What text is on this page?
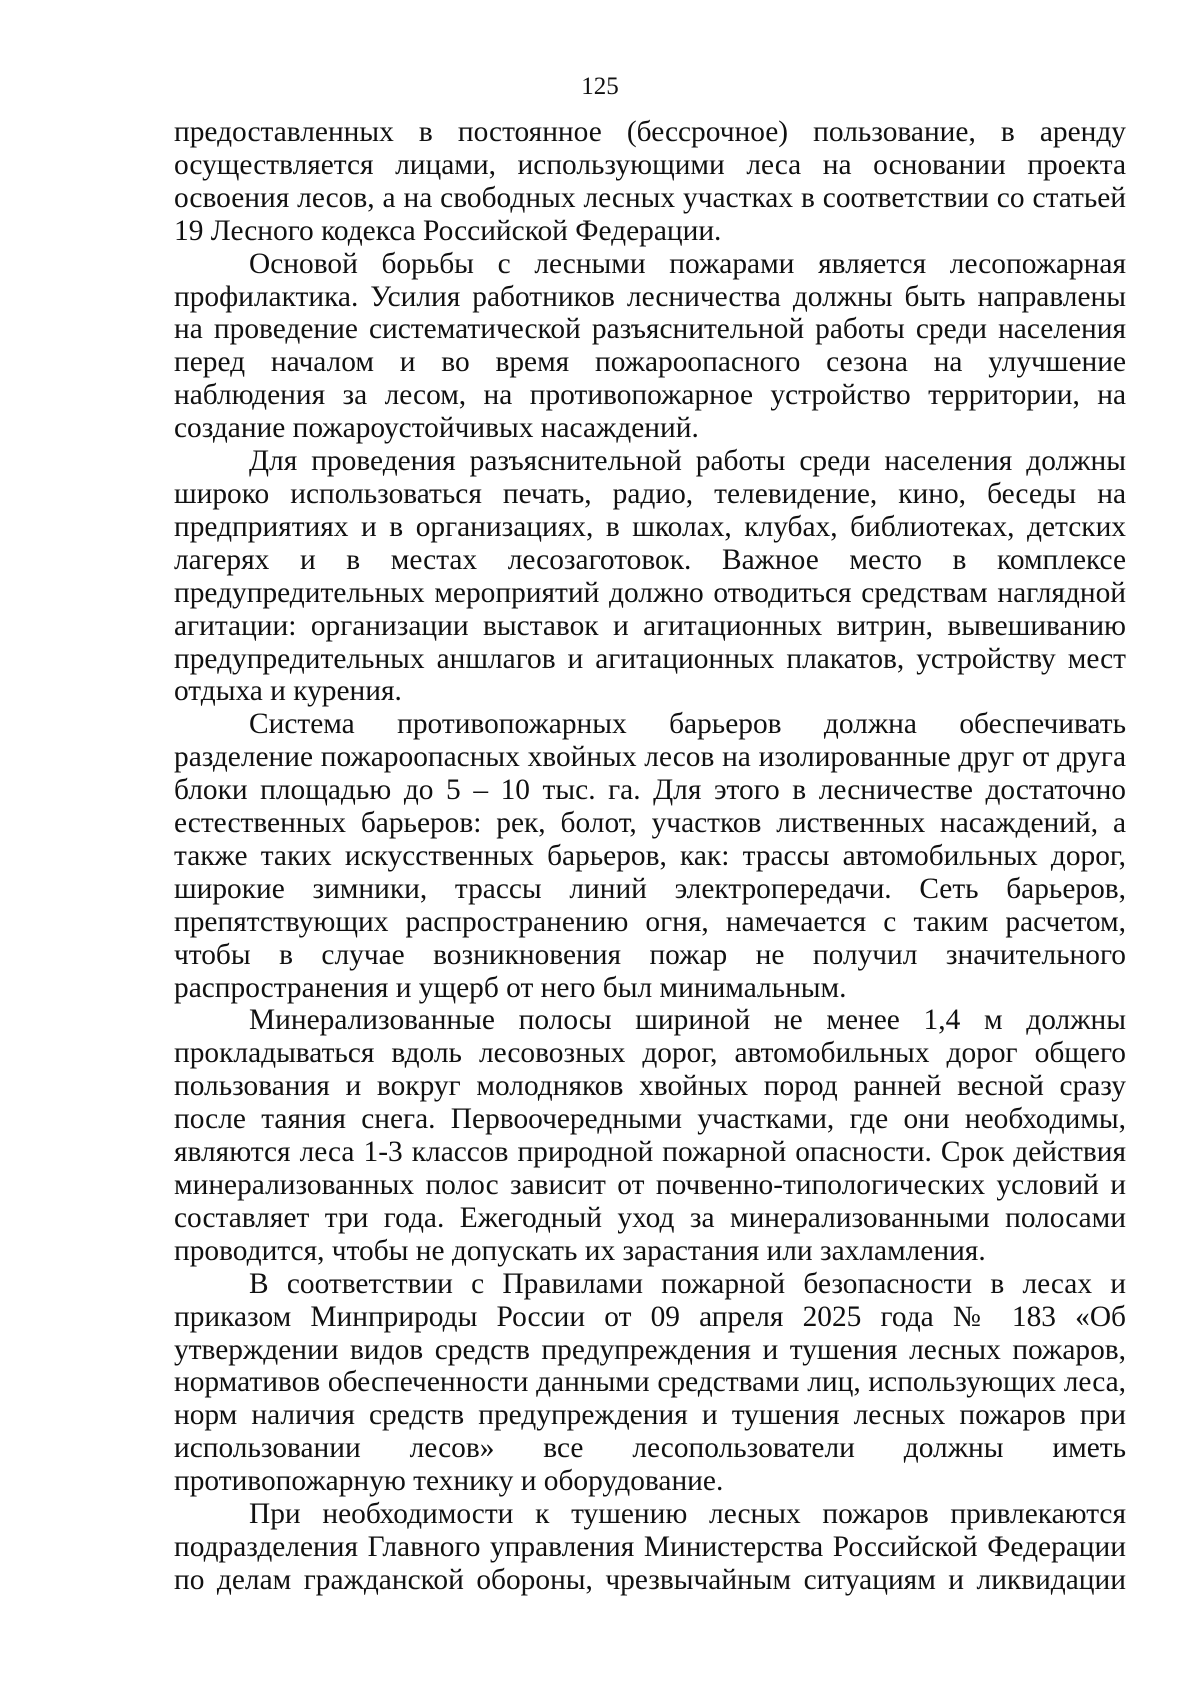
125

предоставленных в постоянное (бессрочное) пользование, в аренду осуществляется лицами, использующими леса на основании проекта освоения лесов, а на свободных лесных участках в соответствии со статьей 19 Лесного кодекса Российской Федерации.

Основой борьбы с лесными пожарами является лесопожарная профилактика. Усилия работников лесничества должны быть направлены на проведение систематической разъяснительной работы среди населения перед началом и во время пожароопасного сезона на улучшение наблюдения за лесом, на противопожарное устройство территории, на создание пожароустойчивых насаждений.

Для проведения разъяснительной работы среди населения должны широко использоваться печать, радио, телевидение, кино, беседы на предприятиях и в организациях, в школах, клубах, библиотеках, детских лагерях и в местах лесозаготовок. Важное место в комплексе предупредительных мероприятий должно отводиться средствам наглядной агитации: организации выставок и агитационных витрин, вывешиванию предупредительных аншлагов и агитационных плакатов, устройству мест отдыха и курения.

Система противопожарных барьеров должна обеспечивать разделение пожароопасных хвойных лесов на изолированные друг от друга блоки площадью до 5 – 10 тыс. га. Для этого в лесничестве достаточно естественных барьеров: рек, болот, участков лиственных насаждений, а также таких искусственных барьеров, как: трассы автомобильных дорог, широкие зимники, трассы линий электропередачи. Сеть барьеров, препятствующих распространению огня, намечается с таким расчетом, чтобы в случае возникновения пожар не получил значительного распространения и ущерб от него был минимальным.

Минерализованные полосы шириной не менее 1,4 м должны прокладываться вдоль лесовозных дорог, автомобильных дорог общего пользования и вокруг молодняков хвойных пород ранней весной сразу после таяния снега. Первоочередными участками, где они необходимы, являются леса 1-3 классов природной пожарной опасности. Срок действия минерализованных полос зависит от почвенно-типологических условий и составляет три года. Ежегодный уход за минерализованными полосами проводится, чтобы не допускать их зарастания или захламления.

В соответствии с Правилами пожарной безопасности в лесах и приказом Минприроды России от 09 апреля 2025 года № 183 «Об утверждении видов средств предупреждения и тушения лесных пожаров, нормативов обеспеченности данными средствами лиц, использующих леса, норм наличия средств предупреждения и тушения лесных пожаров при использовании лесов» все лесопользователи должны иметь противопожарную технику и оборудование.

При необходимости к тушению лесных пожаров привлекаются подразделения Главного управления Министерства Российской Федерации по делам гражданской обороны, чрезвычайным ситуациям и ликвидации
